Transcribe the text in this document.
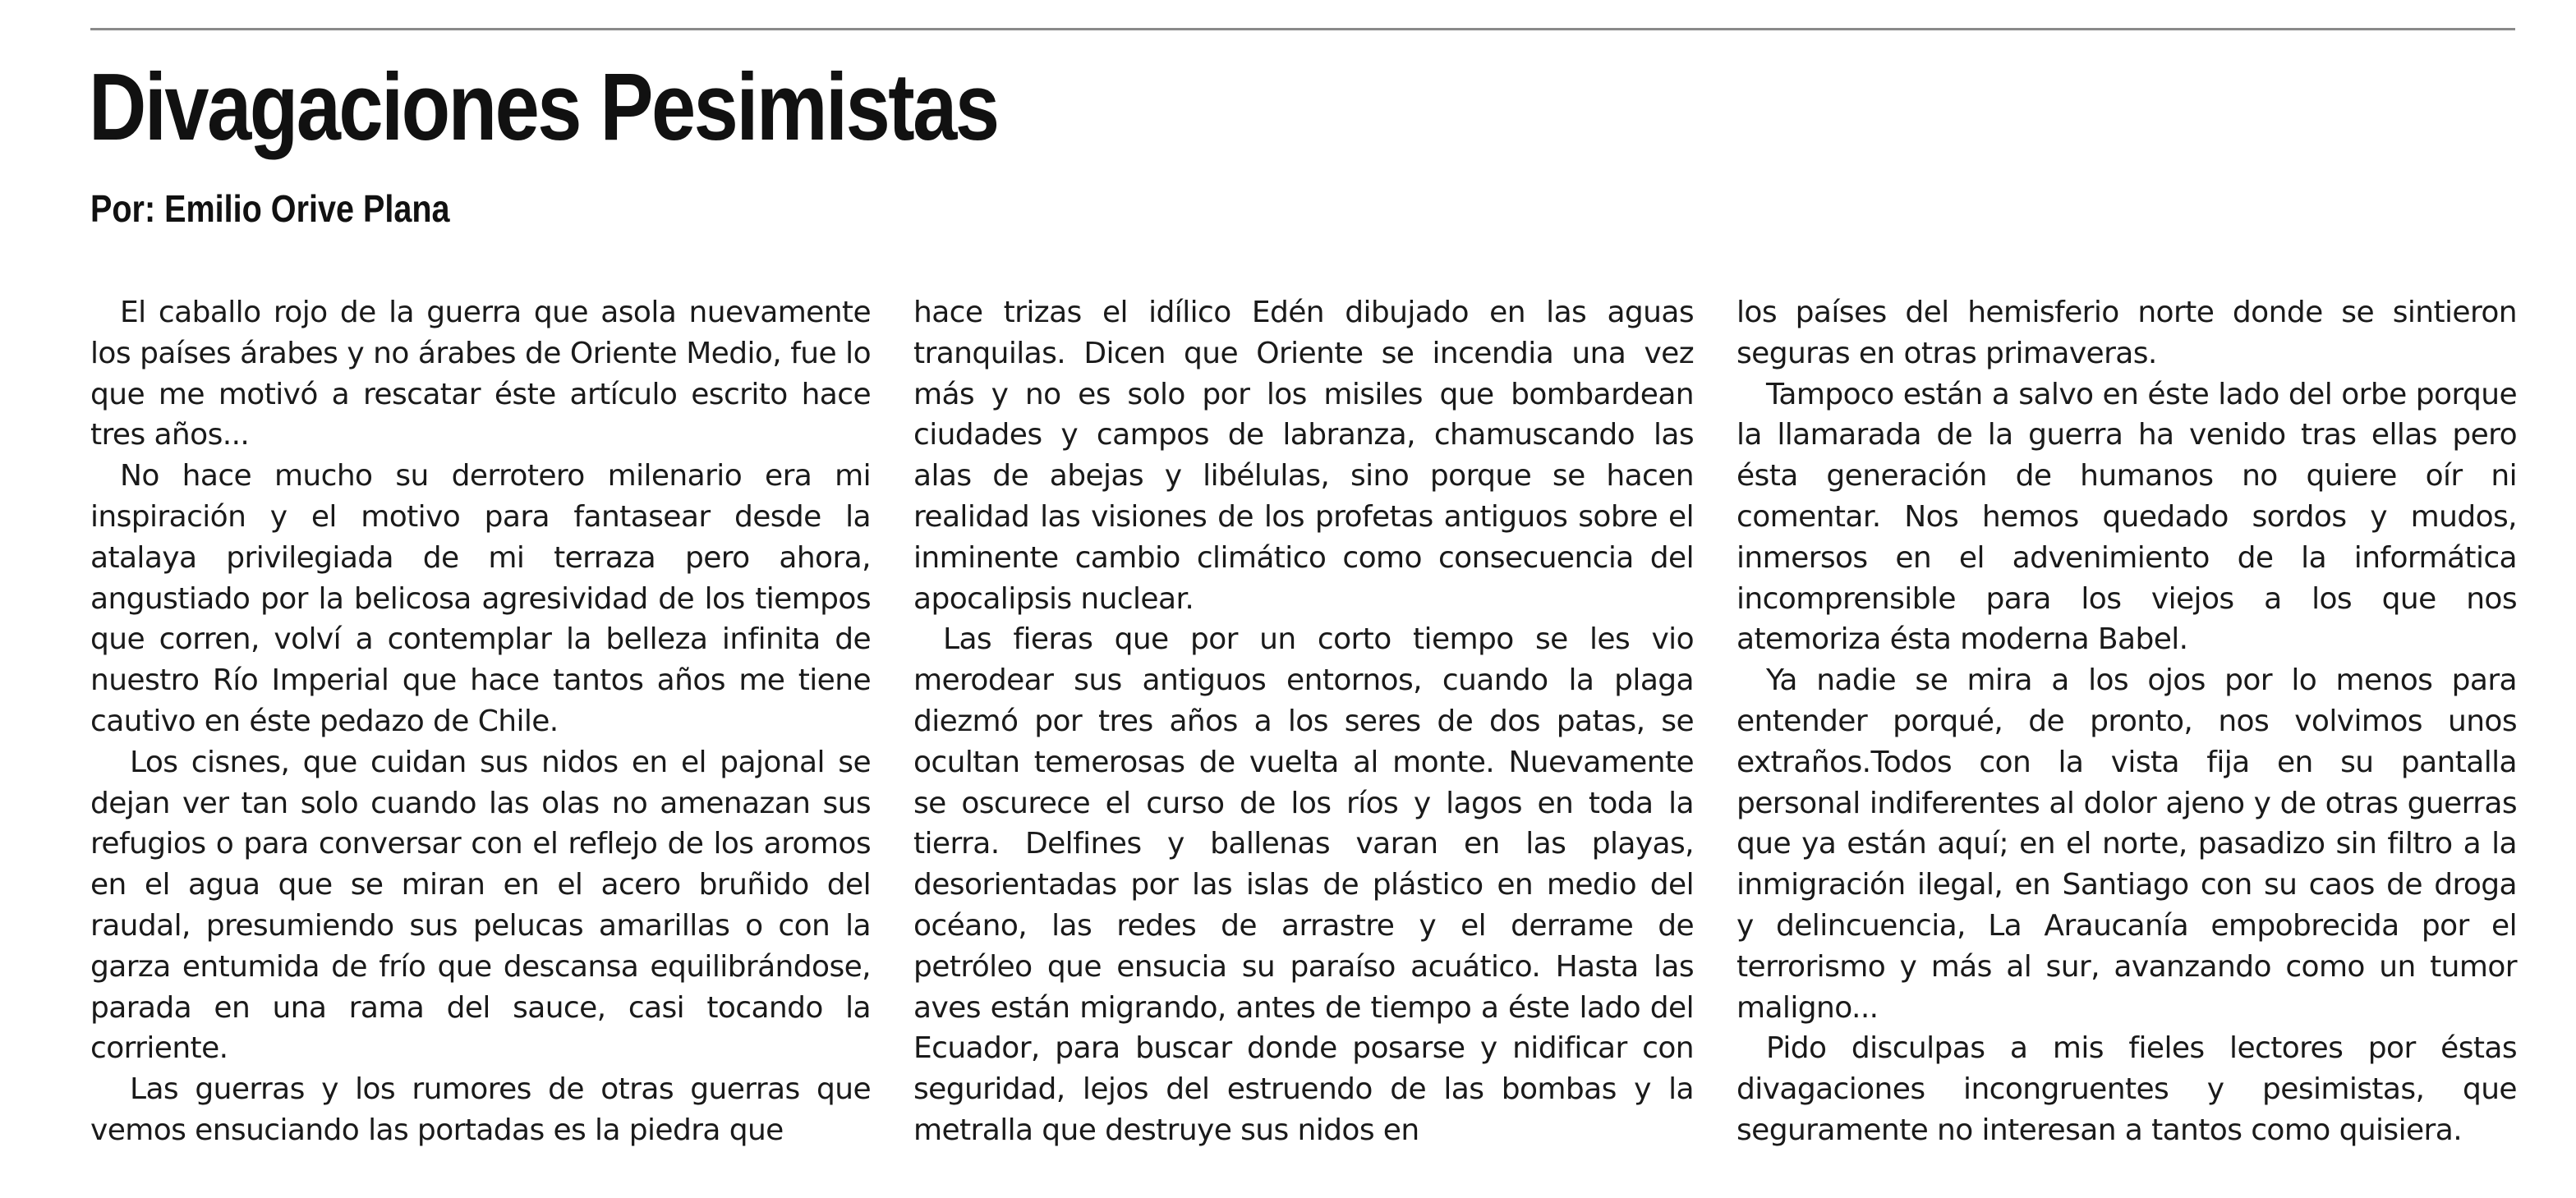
Divagaciones Pesimistas
Por: Emilio Orive Plana

El caballo rojo de la guerra que asola nuevamente los países árabes y no árabes de Oriente Medio, fue lo que me motivó a rescatar éste artículo escrito hace tres años...

No hace mucho su derrotero milenario era mi inspiración y el motivo para fantasear desde la atalaya privilegiada de mi terraza pero ahora, angustiado por la belicosa agresividad de los tiempos que corren, volví a contemplar la belleza infinita de nuestro Río Imperial que hace tantos años me tiene cautivo en éste pedazo de Chile.

Los cisnes, que cuidan sus nidos en el pajonal se dejan ver tan solo cuando las olas no amenazan sus refugios o para conversar con el reflejo de los aromos en el agua que se miran en el acero bruñido del raudal, presumiendo sus pelucas amarillas o con la garza entumida de frío que descansa equilibrándose, parada en una rama del sauce, casi tocando la corriente.

Las guerras y los rumores de otras guerras que vemos ensuciando las portadas es la piedra que

hace trizas el idílico Edén dibujado en las aguas tranquilas. Dicen que Oriente se incendia una vez más y no es solo por los misiles que bombardean ciudades y campos de labranza, chamuscando las alas de abejas y libélulas, sino porque se hacen realidad las visiones de los profetas antiguos sobre el inminente cambio climático como consecuencia del apocalipsis nuclear.

Las fieras que por un corto tiempo se les vio merodear sus antiguos entornos, cuando la plaga diezmó por tres años a los seres de dos patas, se ocultan temerosas de vuelta al monte. Nuevamente se oscurece el curso de los ríos y lagos en toda la tierra. Delfines y ballenas varan en las playas, desorientadas por las islas de plástico en medio del océano, las redes de arrastre y el derrame de petróleo que ensucia su paraíso acuático. Hasta las aves están migrando, antes de tiempo a éste lado del Ecuador, para buscar donde posarse y nidificar con seguridad, lejos del estruendo de las bombas y la metralla que destruye sus nidos en

los países del hemisferio norte donde se sintieron seguras en otras primaveras.

Tampoco están a salvo en éste lado del orbe porque la llamarada de la guerra ha venido tras ellas pero ésta generación de humanos no quiere oír ni comentar. Nos hemos quedado sordos y mudos, inmersos en el advenimiento de la informática incomprensible para los viejos a los que nos atemoriza ésta moderna Babel.

Ya nadie se mira a los ojos por lo menos para entender porqué, de pronto, nos volvimos unos extraños.Todos con la vista fija en su pantalla personal indiferentes al dolor ajeno y de otras guerras que ya están aquí; en el norte, pasadizo sin filtro a la inmigración ilegal, en Santiago con su caos de droga y delincuencia, La Araucanía empobrecida por el terrorismo y más al sur, avanzando como un tumor maligno...

Pido disculpas a mis fieles lectores por éstas divagaciones incongruentes y pesimistas, que seguramente no interesan a tantos como quisiera.
